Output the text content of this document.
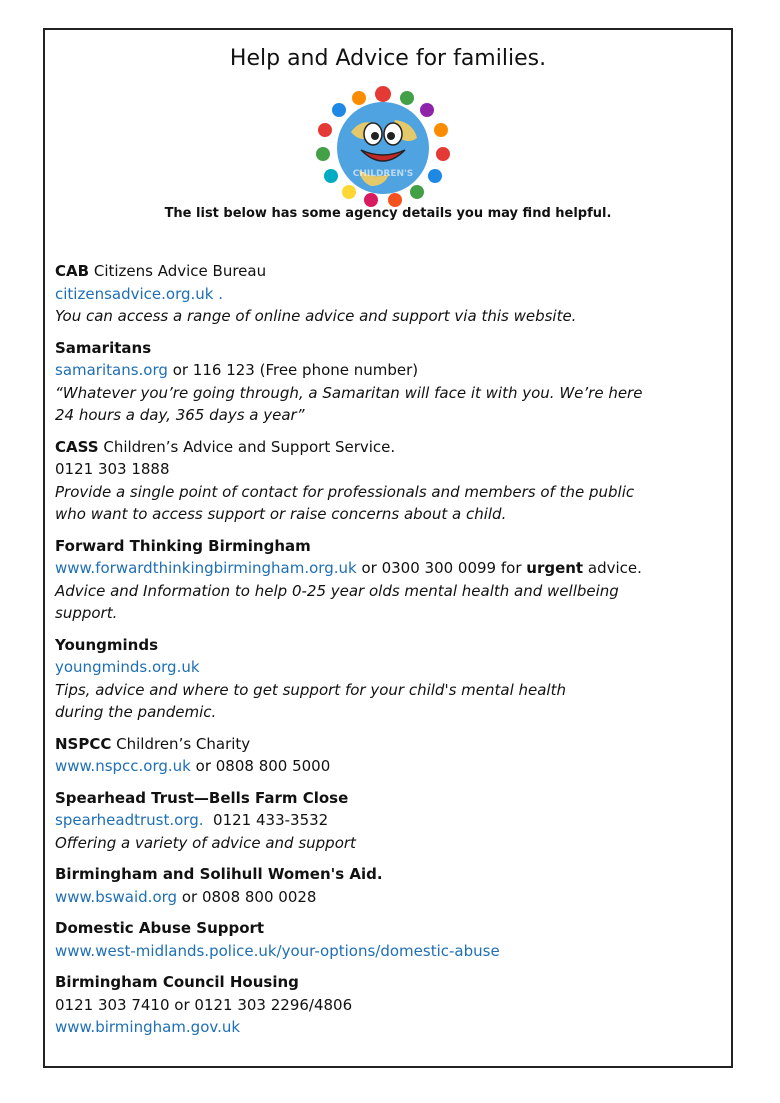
Help and Advice for families.
CHILDREN'S
The list below has some agency details you may find helpful.
CAB Citizens Advice Bureau
citizensadvice.org.uk .
You can access a range of online advice and support via this website.
Samaritans
samaritans.org or 116 123 (Free phone number)
“Whatever you’re going through, a Samaritan will face it with you. We’re here
24 hours a day, 365 days a year”
CASS Children’s Advice and Support Service.
0121 303 1888
Provide a single point of contact for professionals and members of the public
who want to access support or raise concerns about a child.
Forward Thinking Birmingham
www.forwardthinkingbirmingham.org.uk or 0300 300 0099 for urgent advice.
Advice and Information to help 0-25 year olds mental health and wellbeing
support.
Youngminds
youngminds.org.uk
Tips, advice and where to get support for your child's mental health
during the pandemic.
NSPCC Children’s Charity
www.nspcc.org.uk or 0808 800 5000
Spearhead Trust—Bells Farm Close
spearheadtrust.org.  0121 433-3532
Offering a variety of advice and support
Birmingham and Solihull Women's Aid.
www.bswaid.org or 0808 800 0028
Domestic Abuse Support
www.west-midlands.police.uk/your-options/domestic-abuse
Birmingham Council Housing
0121 303 7410 or 0121 303 2296/4806
www.birmingham.gov.uk
